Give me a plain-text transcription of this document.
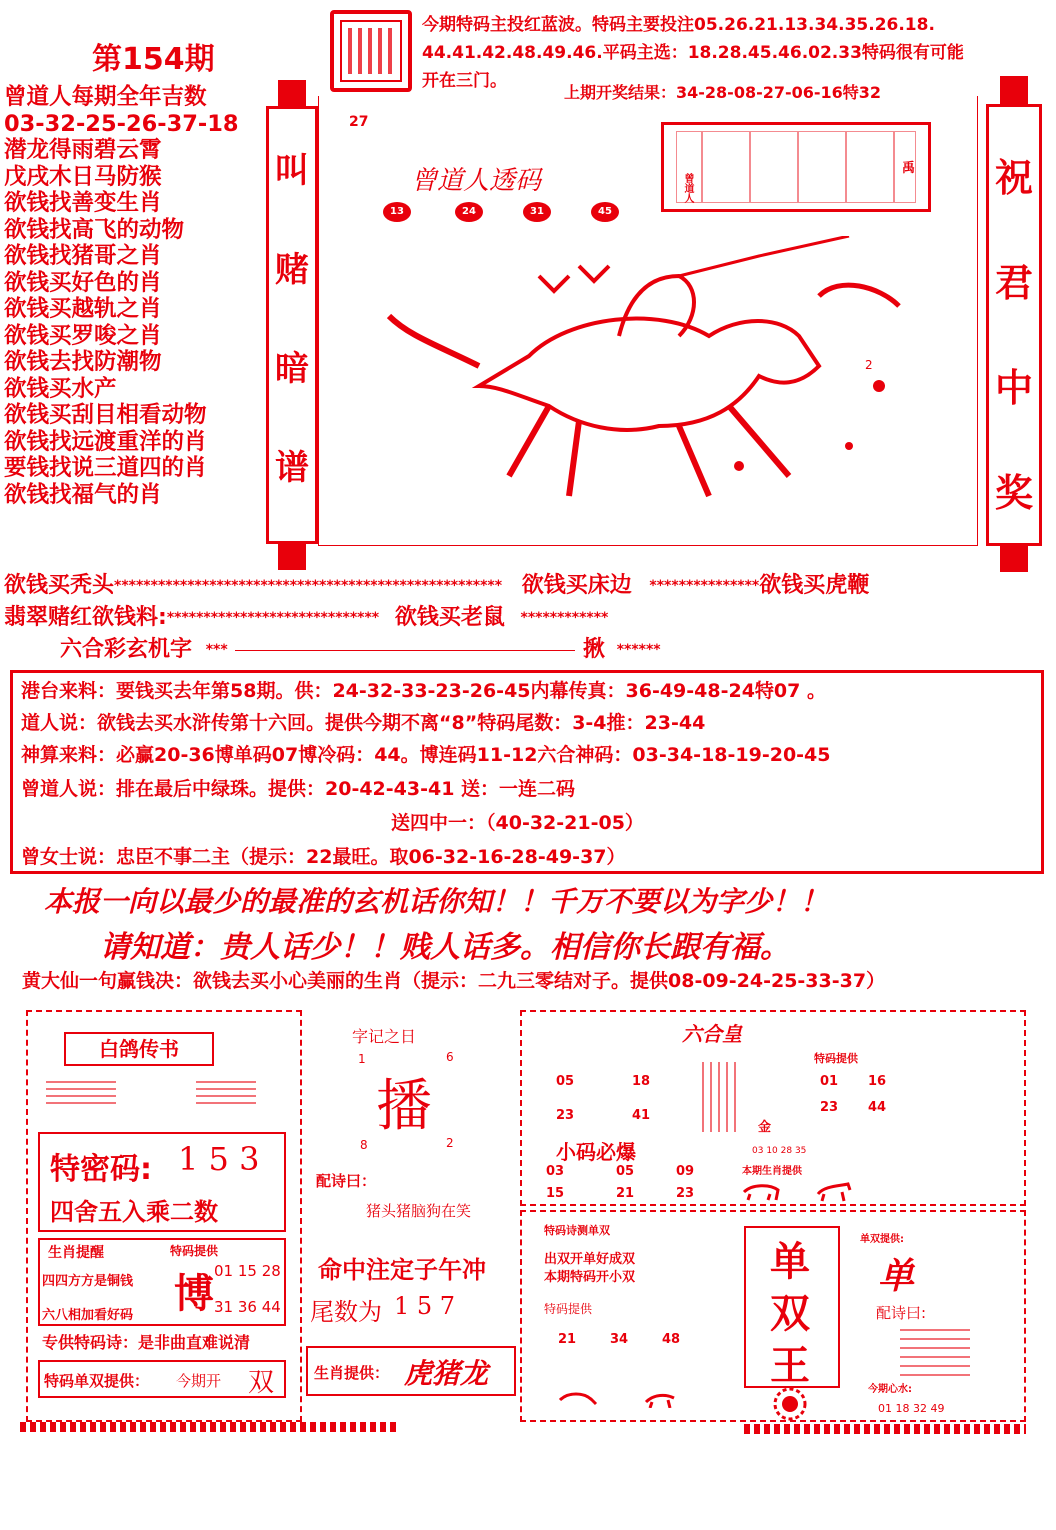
第154期
今期特码主投红蓝波。特码主要投注05.26.21.13.34.35.26.18.
44.41.42.48.49.46.平码主选：18.28.45.46.02.33特码很有可能
开在三门。
上期开奖结果：34-28-08-27-06-16特32
曾道人每期全年吉数
03-32-25-26-37-18
潜龙得雨碧云霄
戊戌木日马防猴
欲钱找善变生肖
欲钱找高飞的动物
欲钱找猪哥之肖
欲钱买好色的肖
欲钱买越轨之肖
欲钱买罗唆之肖
欲钱去找防潮物
欲钱买水产
欲钱买刮目相看动物
欲钱找远渡重洋的肖
要钱找说三道四的肖
欲钱找福气的肖
叫
赌
暗
谱
祝
君
中
奖
27
曾道人透码
13	24	31	45
禹
曾道人
2
欲钱买秃头***************************************************** 欲钱买床边 ***************欲钱买虎鞭
翡翠赌红欲钱料:***************************** 欲钱买老鼠 ************
六合彩玄机字 ***	揪 ******
港台来料：要钱买去年第58期。供：24-32-33-23-26-45内幕传真：36-49-48-24特07 。
道人说：欲钱去买水浒传第十六回。提供今期不离“8”特码尾数：3-4推：23-44
神算来料：必赢20-36博单码07博冷码：44。博连码11-12六合神码：03-34-18-19-20-45
曾道人说：排在最后中绿珠。提供：20-42-43-41 送：一连二码
送四中一：（40-32-21-05）
曾女士说：忠臣不事二主（提示：22最旺。取06-32-16-28-49-37）
本报一向以最少的最准的玄机话你知！！千万不要以为字少！！
请知道：贵人话少！！贱人话多。相信你长跟有福。
黄大仙一句赢钱决：欲钱去买小心美丽的生肖（提示：二九三零结对子。提供08-09-24-25-33-37）
白鸽传书
特密码: 1 5 3
四舍五入乘二数
生肖提醒
四四方方是铜钱
六八相加看好码
特码提供
博 01 15 28
31 36 44
专供特码诗：是非曲直难说清
特码单双提供： 今期开 双
字记之日
1	6
播
8	2
配诗曰：
猪头猪脑狗在笑
命中注定子午冲
尾数为 1 5 7
生肖提供： 虎猪龙
六合皇
05	18
23	41
特码提供
01 16
23 44
金
小码必爆	03 10 28 35
03	05	09
15	21	23
本期生肖提供
特码诗测单双
出双开单好成双
本期特码开小双
特码提供
21	34	48
单
双
王
单双提供:
单
配诗曰:
今期心水:
01 18 32 49
